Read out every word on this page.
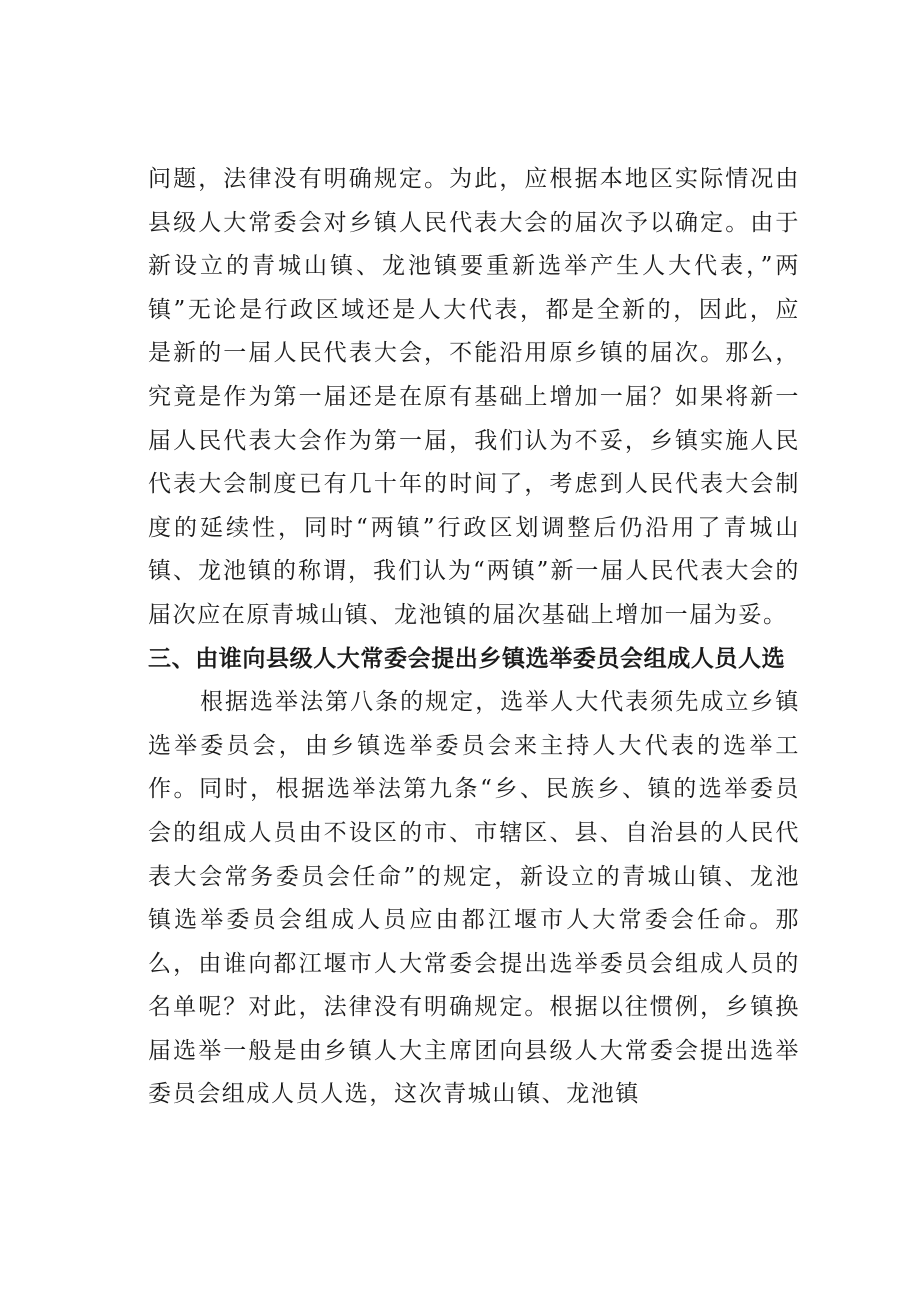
问题，法律没有明确规定。为此，应根据本地区实际情况由县级人大常委会对乡镇人民代表大会的届次予以确定。由于新设立的青城山镇、龙池镇要重新选举产生人大代表，”两镇”无论是行政区域还是人大代表，都是全新的，因此，应是新的一届人民代表大会，不能沿用原乡镇的届次。那么，究竟是作为第一届还是在原有基础上增加一届？如果将新一届人民代表大会作为第一届，我们认为不妥，乡镇实施人民代表大会制度已有几十年的时间了，考虑到人民代表大会制度的延续性，同时“两镇”行政区划调整后仍沿用了青城山镇、龙池镇的称谓，我们认为“两镇”新一届人民代表大会的届次应在原青城山镇、龙池镇的届次基础上增加一届为妥。

三、由谁向县级人大常委会提出乡镇选举委员会组成人员人选

根据选举法第八条的规定，选举人大代表须先成立乡镇选举委员会，由乡镇选举委员会来主持人大代表的选举工作。同时，根据选举法第九条“乡、民族乡、镇的选举委员会的组成人员由不设区的市、市辖区、县、自治县的人民代表大会常务委员会任命”的规定，新设立的青城山镇、龙池镇选举委员会组成人员应由都江堰市人大常委会任命。那么，由谁向都江堰市人大常委会提出选举委员会组成人员的名单呢？对此，法律没有明确规定。根据以往惯例，乡镇换届选举一般是由乡镇人大主席团向县级人大常委会提出选举委员会组成人员人选，这次青城山镇、龙池镇
